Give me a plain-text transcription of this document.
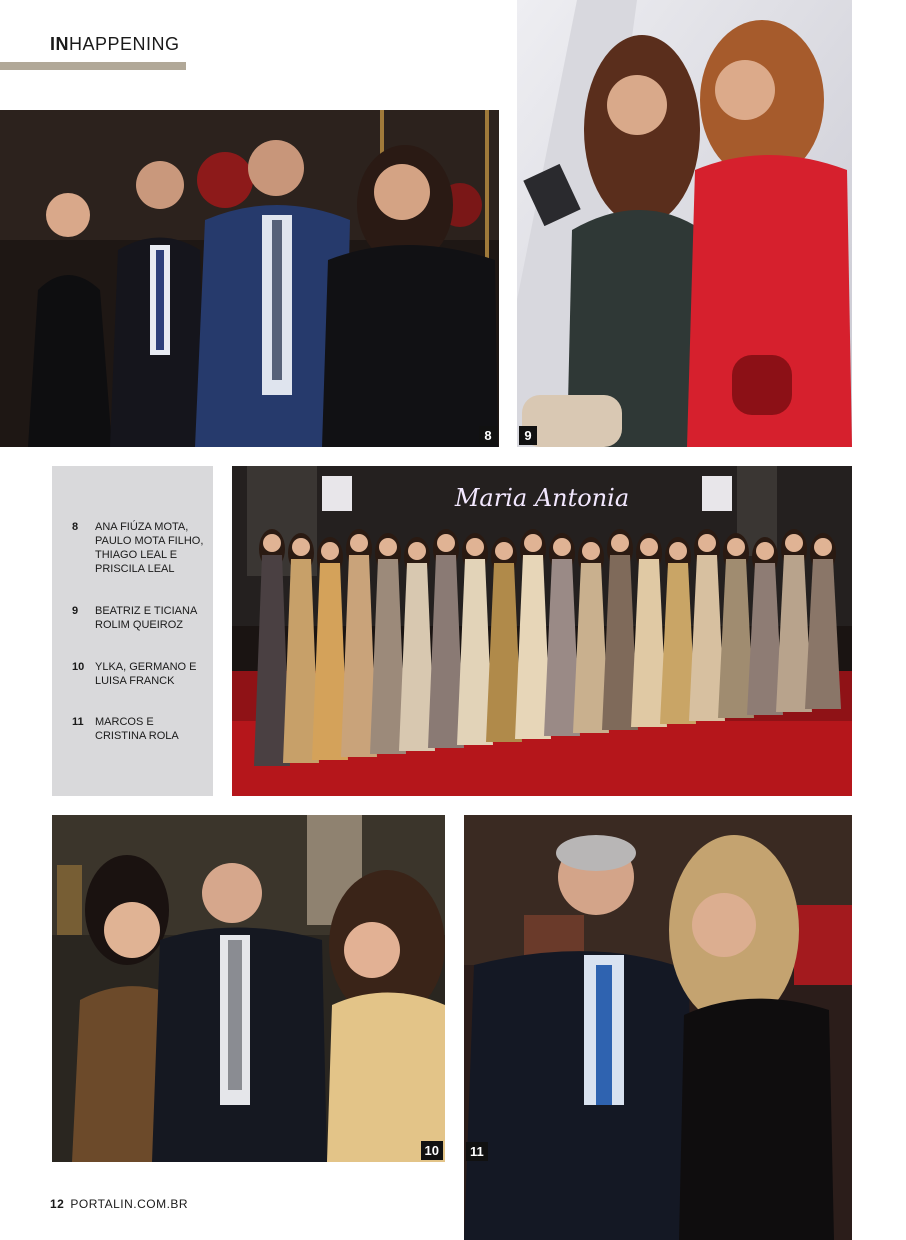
INHAPPENING
8	9
8 ANA FIÚZA MOTA, PAULO MOTA FILHO, THIAGO LEAL E PRISCILA LEAL
9 BEATRIZ E TICIANA ROLIM QUEIROZ
10 YLKA, GERMANO E LUISA FRANCK
11 MARCOS E CRISTINA ROLA
Maria Antonia
10	11
12 PORTALIN.COM.BR
